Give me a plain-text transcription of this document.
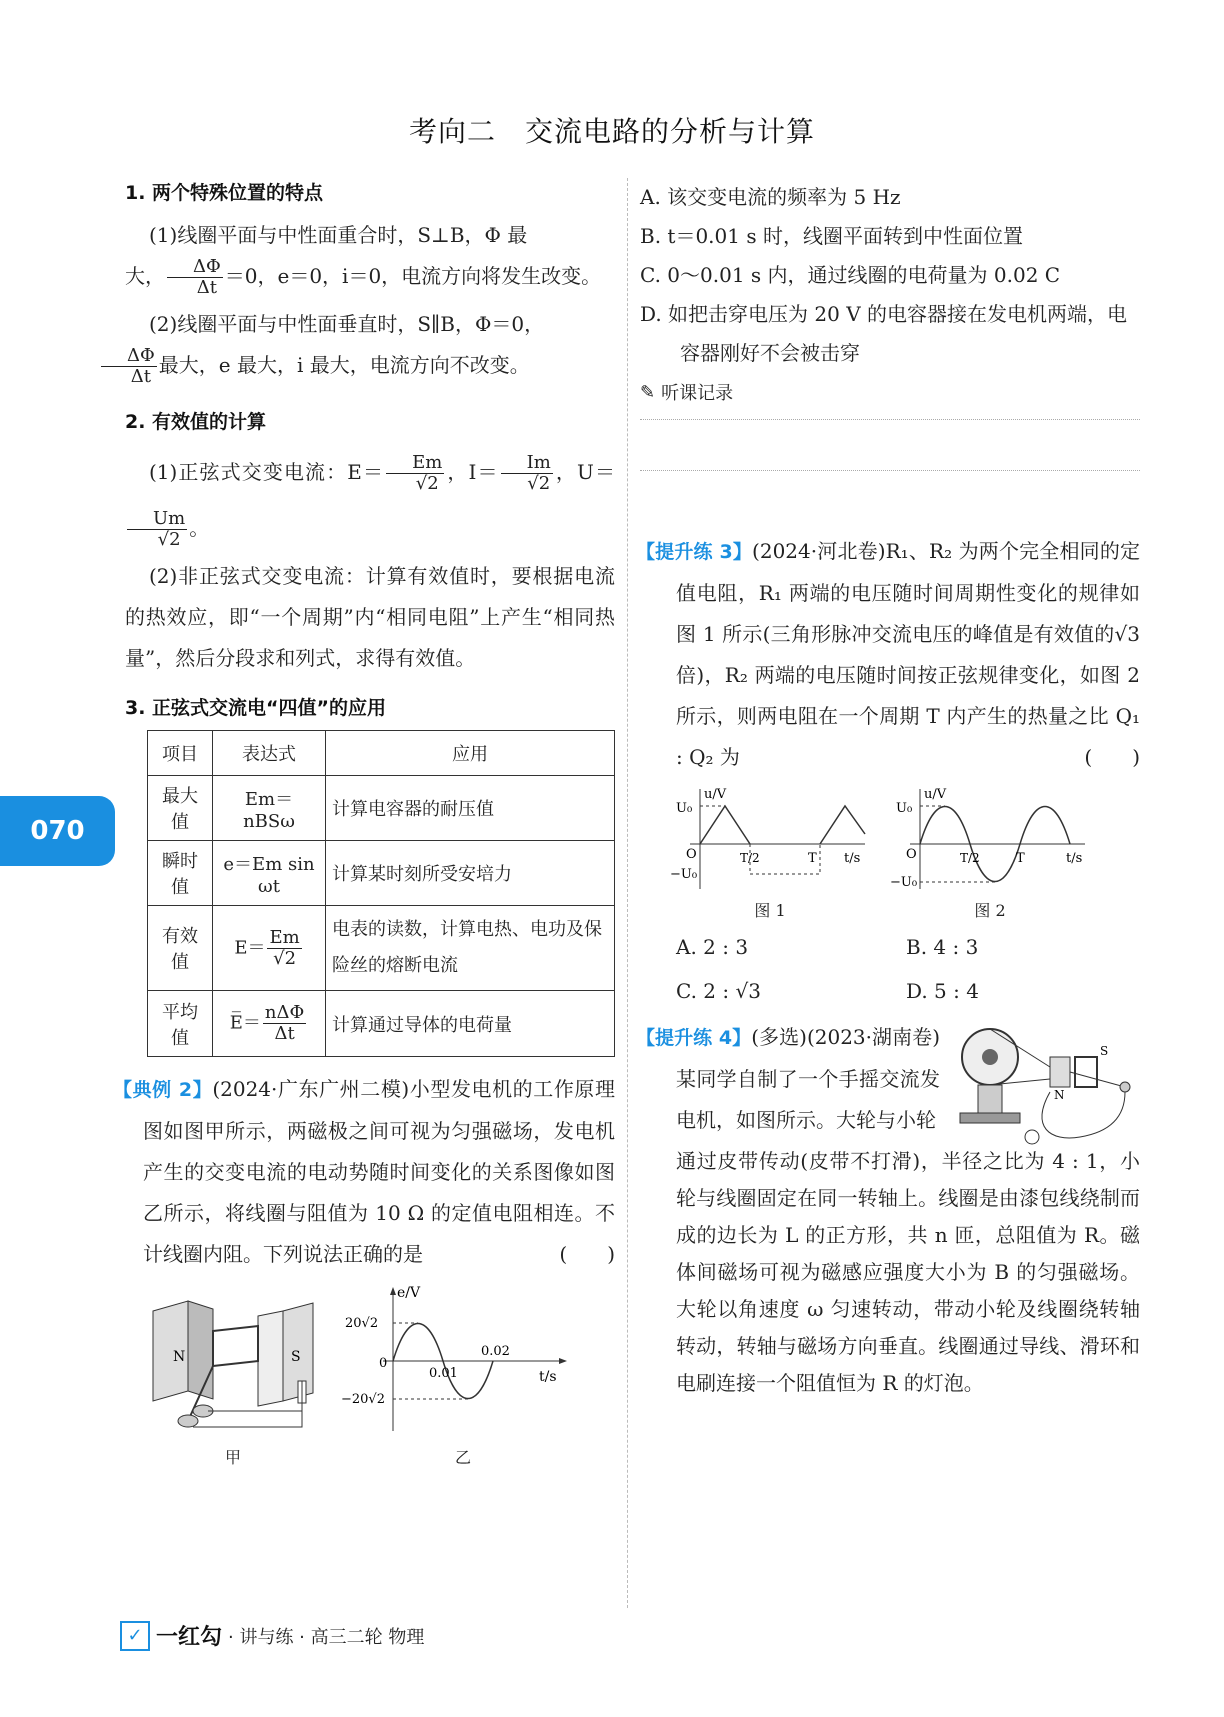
考向二　交流电路的分析与计算
070
1. 两个特殊位置的特点

(1)线圈平面与中性面重合时，S⊥B，Φ 最
大， $\frac{\Delta\Phi}{\Delta t} =0$，e＝0，i＝0，电流方向将发生改变。

(2)线圈平面与中性面垂直时，S∥B，Φ＝0，

$\frac{\Delta\Phi}{\Delta t}$ 最大，e 最大，i 最大，电流方向不改变。

2. 有效值的计算

(1)正弦式交变电流：$E= \frac{Em}{√2}$ ，$I= \frac{Im}{√2}$ ，U＝
$\frac{Um}{√2}$ 。

(2)非正弦式交变电流：计算有效值时，要根据电流的热效应，即“一个周期”内“相同电阻”上产生“相同热量”，然后分段求和列式，求得有效值。

3. 正弦式交流电“四值”的应用
项目	表达式	应用
最大值	Em＝nBSω	计算电容器的耐压值
瞬时值	e＝Em sin ωt	计算某时刻所受安培力
有效值	$E= \frac{Em}{√2}$	电表的读数，计算电热、电功及保险丝的熔断电流
平均值	E̅＝ $\frac{\text{nΔΦ}}{\Delta t}$	计算通过导体的电荷量

【典例 2】(2024·广东广州二模)小型发电机的工作原理图如图甲所示，两磁极之间可视为匀强磁场，发电机产生的交变电流的电动势随时间变化的关系图像如图乙所示，将线圈与阻值为 10 Ω 的定值电阻相连。不计线圈内阻。下列说法正确的是	(　　)

N	S
甲
e/V
t/s
20√2
−20√2
0
0.01
0.02
乙

A. 该交变电流的频率为 5 Hz

B. t＝0.01 s 时，线圈平面转到中性面位置

C. 0～0.01 s 内，通过线圈的电荷量为 0.02 C

D. 如把击穿电压为 20 V 的电容器接在发电机两端，电容器刚好不会被击穿

✎ 听课记录

【提升练 3】(2024·河北卷)R₁、R₂ 为两个完全相同的定值电阻，R₁ 两端的电压随时间周期性变化的规律如图 1 所示(三角形脉冲交流电压的峰值是有效值的√3倍)，R₂ 两端的电压随时间按正弦规律变化，如图 2 所示，则两电阻在一个周期 T 内产生的热量之比 Q₁ : Q₂ 为	(　　)

u/V
t/s
U₀
−U₀
O	T/2	T
图 1
u/V
t/s
U₀
−U₀
O	T/2	T
图 2
A. 2 : 3	B. 4 : 3
C. 2 : √3	D. 5 : 4
N
S

【提升练 4】(多选)(2023·湖南卷)某同学自制了一个手摇交流发电机，如图所示。大轮与小轮

通过皮带传动(皮带不打滑)，半径之比为 4 : 1，小轮与线圈固定在同一转轴上。线圈是由漆包线绕制而成的边长为 L 的正方形，共 n 匝，总阻值为 R。磁体间磁场可视为磁感应强度大小为 B 的匀强磁场。大轮以角速度 ω 匀速转动，带动小轮及线圈绕转轴转动，转轴与磁场方向垂直。线圈通过导线、滑环和电刷连接一个阻值恒为 R 的灯泡。

✓ 一红勾 · 讲与练 · 高三二轮 物理
